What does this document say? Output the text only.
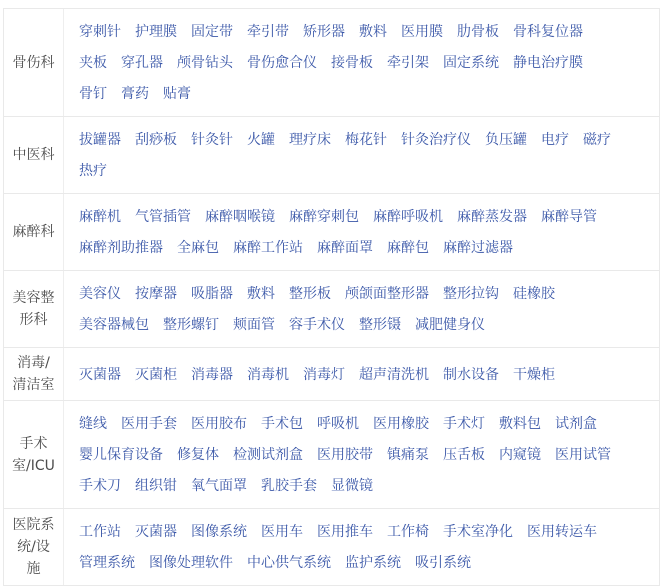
骨伤科
穿刺针 护理膜 固定带 牵引带 矫形器 敷料 医用膜 肋骨板 骨科复位器
夹板 穿孔器 颅骨钻头 骨伤愈合仪 接骨板 牵引架 固定系统 静电治疗膜
骨钉 膏药 贴膏
中医科
拔罐器 刮痧板 针灸针 火罐 理疗床 梅花针 针灸治疗仪 负压罐 电疗 磁疗
热疗
麻醉科
麻醉机 气管插管 麻醉咽喉镜 麻醉穿刺包 麻醉呼吸机 麻醉蒸发器 麻醉导管
麻醉剂助推器 全麻包 麻醉工作站 麻醉面罩 麻醉包 麻醉过滤器
美容整
形科
美容仪 按摩器 吸脂器 敷料 整形板 颅颌面整形器 整形拉钩 硅橡胶
美容器械包 整形螺钉 颊面管 容手术仪 整形镊 减肥健身仪
消毒/
清洁室
灭菌器 灭菌柜 消毒器 消毒机 消毒灯 超声清洗机 制水设备 干燥柜
手术
室/ICU
缝线 医用手套 医用胶布 手术包 呼吸机 医用橡胶 手术灯 敷料包 试剂盒
婴儿保育设备 修复体 检测试剂盒 医用胶带 镇痛泵 压舌板 内窥镜 医用试管
手术刀 组织钳 氧气面罩 乳胶手套 显微镜
医院系
统/设
施
工作站 灭菌器 图像系统 医用车 医用推车 工作椅 手术室净化 医用转运车
管理系统 图像处理软件 中心供气系统 监护系统 吸引系统
